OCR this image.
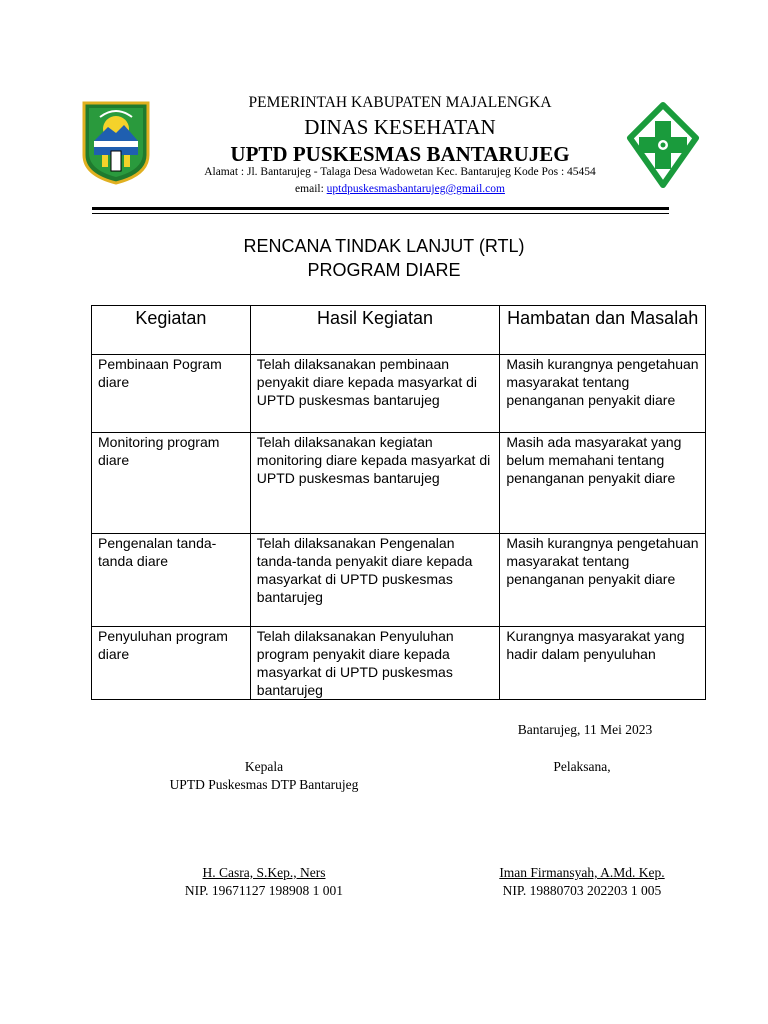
PEMERINTAH KABUPATEN MAJALENGKA
DINAS KESEHATAN
UPTD PUSKESMAS BANTARUJEG
Alamat : Jl. Bantarujeg - Talaga Desa Wadowetan Kec. Bantarujeg Kode Pos : 45454
email: uptdpuskesmasbantarujeg@gmail.com
RENCANA TINDAK LANJUT (RTL)
PROGRAM DIARE
Kegiatan	Hasil Kegiatan	Hambatan dan Masalah
Pembinaan Pogram diare	Telah dilaksanakan pembinaan penyakit diare kepada masyarkat di UPTD puskesmas bantarujeg	Masih kurangnya pengetahuan masyarakat tentang penanganan penyakit diare
Monitoring program diare	Telah dilaksanakan kegiatan monitoring diare kepada masyarkat di UPTD puskesmas bantarujeg	Masih ada masyarakat yang belum memahani tentang penanganan penyakit diare
Pengenalan tanda-tanda diare	Telah dilaksanakan Pengenalan tanda-tanda penyakit diare kepada masyarkat di UPTD puskesmas bantarujeg	Masih kurangnya pengetahuan masyarakat tentang penanganan penyakit diare
Penyuluhan program diare	Telah dilaksanakan Penyuluhan program penyakit diare kepada masyarkat di UPTD puskesmas bantarujeg	Kurangnya masyarakat yang hadir dalam penyuluhan
Bantarujeg, 11 Mei 2023
Kepala
UPTD Puskesmas DTP Bantarujeg
Pelaksana,
H. Casra, S.Kep., Ners
NIP. 19671127 198908 1 001
Iman Firmansyah, A.Md. Kep.
NIP. 19880703 202203 1 005
